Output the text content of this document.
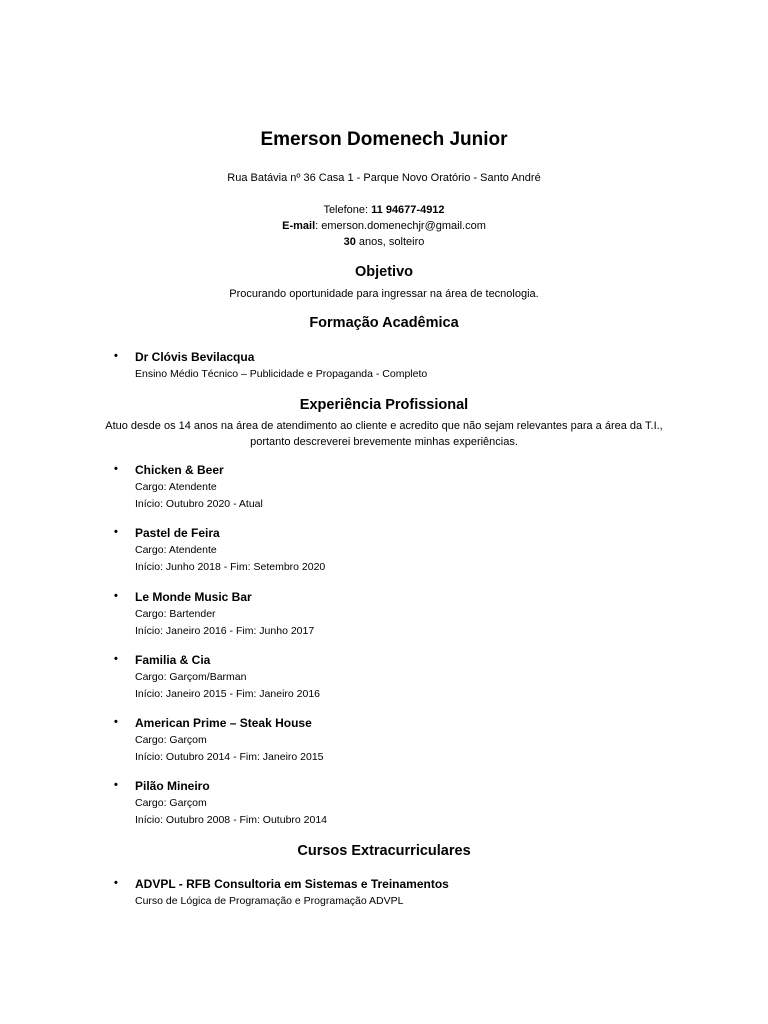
Emerson Domenech Junior
Rua Batávia nº 36 Casa 1 - Parque Novo Oratório - Santo André
Telefone: 11 94677-4912
E-mail: emerson.domenechjr@gmail.com
30 anos, solteiro
Objetivo
Procurando oportunidade para ingressar na área de tecnologia.
Formação Acadêmica
• Dr Clóvis Bevilacqua
Ensino Médio Técnico – Publicidade e Propaganda - Completo
Experiência Profissional
Atuo desde os 14 anos na área de atendimento ao cliente e acredito que não sejam relevantes para a área da T.I.,
portanto descreverei brevemente minhas experiências.
• Chicken & Beer
Cargo: Atendente
Início: Outubro 2020 - Atual
• Pastel de Feira
Cargo: Atendente
Início: Junho 2018 - Fim: Setembro 2020
• Le Monde Music Bar
Cargo: Bartender
Início: Janeiro 2016 - Fim: Junho 2017
• Familia & Cia
Cargo: Garçom/Barman
Início: Janeiro 2015 - Fim: Janeiro 2016
• American Prime – Steak House
Cargo: Garçom
Início: Outubro 2014 - Fim: Janeiro 2015
• Pilão Mineiro
Cargo: Garçom
Início: Outubro 2008 - Fim: Outubro 2014
Cursos Extracurriculares
• ADVPL - RFB Consultoria em Sistemas e Treinamentos
Curso de Lógica de Programação e Programação ADVPL
